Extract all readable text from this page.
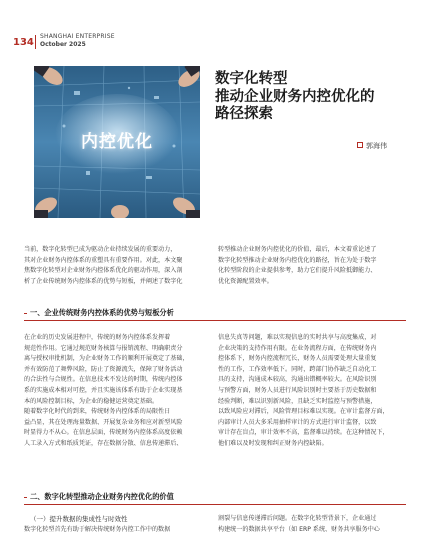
134
SHANGHAI ENTERPRISE
October 2025
内控优化
数字化转型
推动企业财务内控优化的
路径探索
郭海伟
当前，数字化转型已成为驱动企业持续发展的重要动力，
其对企业财务内控体系的重塑具有重要作用。对此，本文聚
焦数字化转型对企业财务内控体系优化的驱动作用，深入剖
析了企业传统财务内控体系的优势与短板，并阐述了数字化
转型推动企业财务内控优化的价值，最后，本文着重论述了
数字化转型推动企业财务内控优化的路径，旨在为处于数字
化转型阶段的企业提供参考，助力它们提升风险抵御能力、
优化资源配置效率。
一、企业传统财务内控体系的优势与短板分析
在企业的历史发展进程中，传统的财务内控体系发挥着
规范性作用。它通过规范财务核算与报销流程、明确职责分
离与授权审批机制，为企业财务工作的顺利开展奠定了基础，
并有效防范了舞弊风险，防止了资源流失，保障了财务活动
的合法性与合规性。在信息技术不发达的时期，传统内控体
系的实施成本相对可控，并且实施该体系有助于企业实现基
本的风险控制目标，为企业的稳健运营奠定基础。
随着数字化时代的到来，传统财务内控体系的局限性日
益凸显，其在处理海量数据、开展复杂业务和应对新型风险
时显得力不从心。在信息层面，传统财务内控体系高度依赖
人工录入方式和纸质凭证，存在数据分散、信息传递滞后、
信息失真等问题，难以实现信息的实时共享与高度集成，对
企业决策的支持作用有限。在业务流程方面，在传统财务内
控体系下，财务内控流程冗长，财务人员需要处理大量重复
性的工作，工作效率低下。同时，跨部门协作缺乏自动化工
具的支持，沟通成本较高，沟通出错概率较大。在风险识别
与预警方面，财务人员进行风险识别时主要基于历史数据和
经验判断，难以识别新风险，且缺乏实时监控与预警措施，
以致风险应对滞后，风险管理目标难以实现。在审计监督方面，
内部审计人员大多采用抽样审计的方式进行审计监督，以致
审计存在盲点，审计效率不高，监督难以持续。在这种情况下，
他们难以及时发现和纠正财务内控缺陷。
二、数字化转型推动企业财务内控优化的价值
（一）提升数据的集成性与时效性
数字化转型首先有助于解决传统财务内控工作中的数据
割裂与信息传递滞后问题。在数字化转型背景下，企业通过
构建统一的数据共享平台（如 ERP 系统、财务共享服务中心
